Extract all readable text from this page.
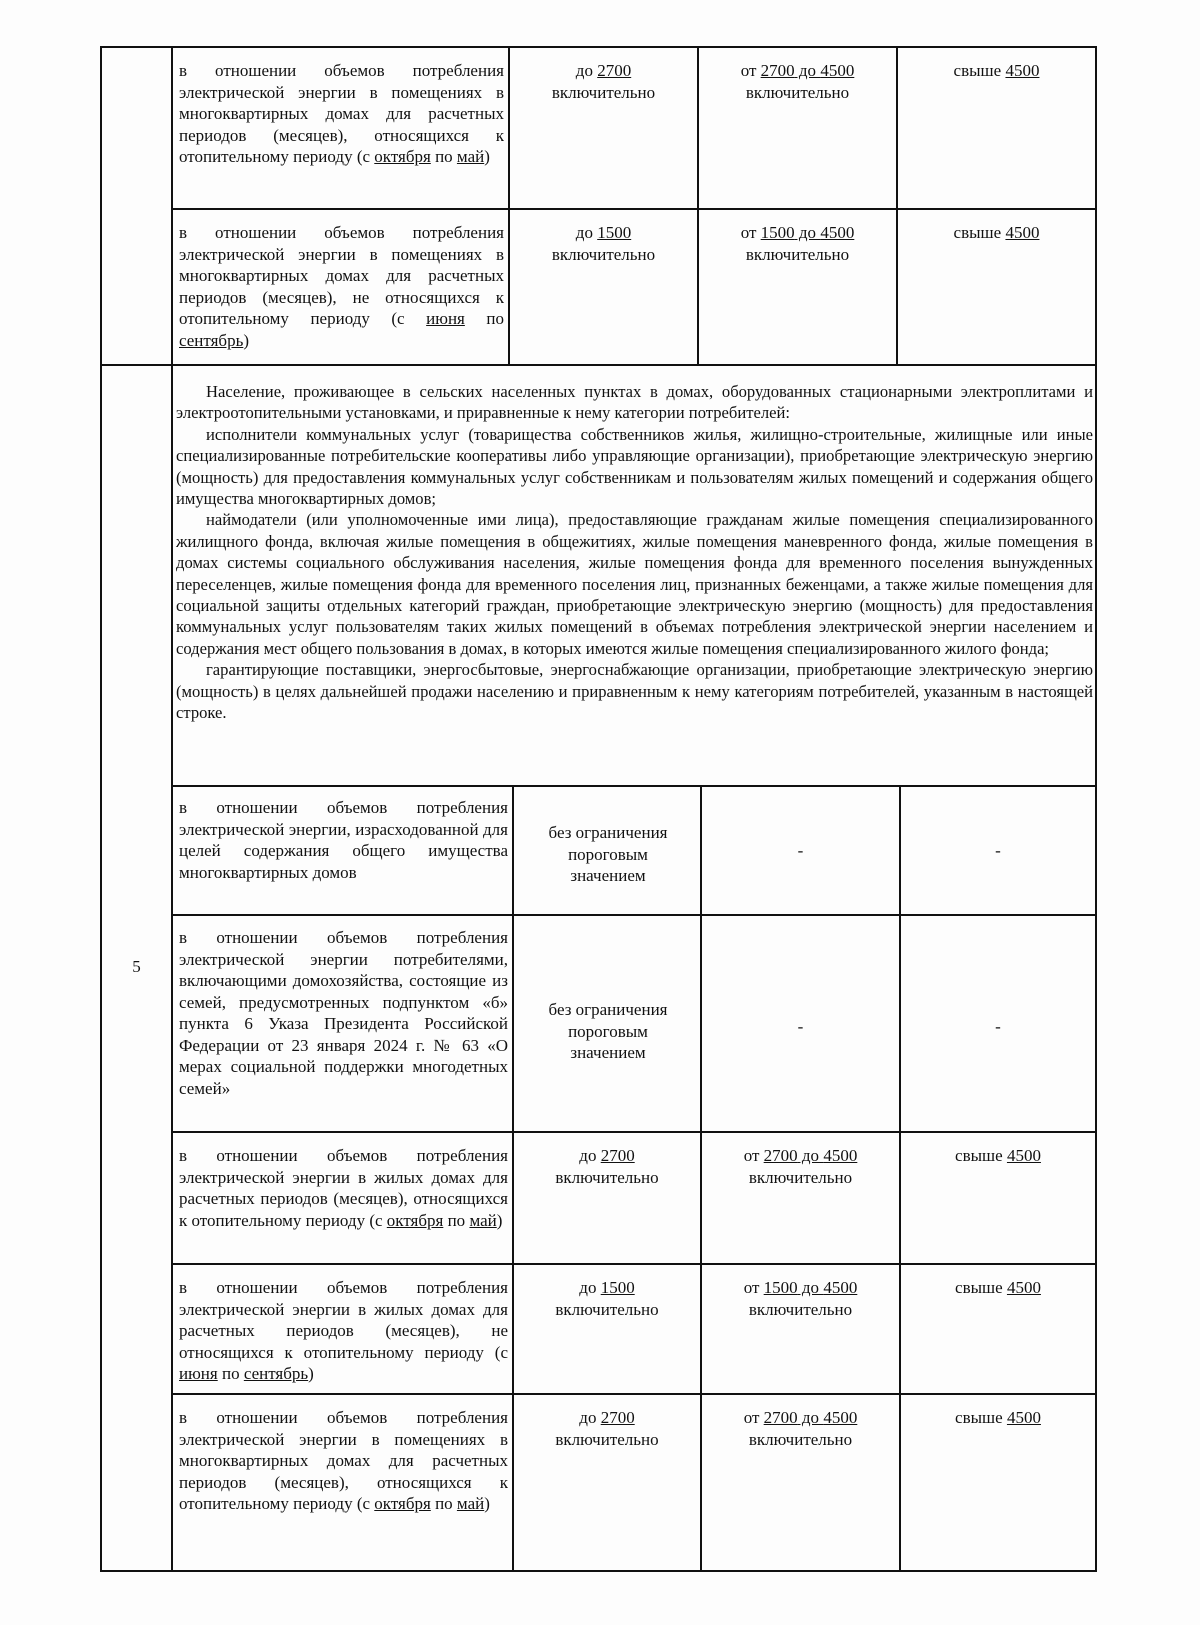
в отношении объемов потребления электрической энергии в помещениях в многоквартирных домах для расчетных периодов (месяцев), относящихся к отопительному периоду (с октября по май)
до 2700
включительно
от 2700 до 4500
включительно
свыше 4500
в отношении объемов потребления электрической энергии в помещениях в многоквартирных домах для расчетных периодов (месяцев), не относящихся к отопительному периоду (с июня по сентябрь)
до 1500
включительно
от 1500 до 4500
включительно
свыше 4500
5

Население, проживающее в сельских населенных пунктах в домах, оборудованных стационарными электроплитами и электроотопительными установками, и приравненные к нему категории потребителей:

исполнители коммунальных услуг (товарищества собственников жилья, жилищно-строительные, жилищные или иные специализированные потребительские кооперативы либо управляющие организации), приобретающие электрическую энергию (мощность) для предоставления коммунальных услуг собственникам и пользователям жилых помещений и содержания общего имущества многоквартирных домов;

наймодатели (или уполномоченные ими лица), предоставляющие гражданам жилые помещения специализированного жилищного фонда, включая жилые помещения в общежитиях, жилые помещения маневренного фонда, жилые помещения в домах системы социального обслуживания населения, жилые помещения фонда для временного поселения вынужденных переселенцев, жилые помещения фонда для временного поселения лиц, признанных беженцами, а также жилые помещения для социальной защиты отдельных категорий граждан, приобретающие электрическую энергию (мощность) для предоставления коммунальных услуг пользователям таких жилых помещений в объемах потребления электрической энергии населением и содержания мест общего пользования в домах, в которых имеются жилые помещения специализированного жилого фонда;

гарантирующие поставщики, энергосбытовые, энергоснабжающие организации, приобретающие электрическую энергию (мощность) в целях дальнейшей продажи населению и приравненным к нему категориям потребителей, указанным в настоящей строке.

в отношении объемов потребления электрической энергии, израсходованной для целей содержания общего имущества многоквартирных домов
без ограничения пороговым значением
-	-
в отношении объемов потребления электрической энергии потребителями, включающими домохозяйства, состоящие из семей, предусмотренных подпунктом «б» пункта 6 Указа Президента Российской Федерации от 23 января 2024 г. № 63 «О мерах социальной поддержки многодетных семей»
без ограничения пороговым значением
-	-
в отношении объемов потребления электрической энергии в жилых домах для расчетных периодов (месяцев), относящихся к отопительному периоду (с октября по май)
до 2700
включительно
от 2700 до 4500
включительно
свыше 4500
в отношении объемов потребления электрической энергии в жилых домах для расчетных периодов (месяцев), не относящихся к отопительному периоду (с июня по сентябрь)
до 1500
включительно
от 1500 до 4500
включительно
свыше 4500
в отношении объемов потребления электрической энергии в помещениях в многоквартирных домах для расчетных периодов (месяцев), относящихся к отопительному периоду (с октября по май)
до 2700
включительно
от 2700 до 4500
включительно
свыше 4500
